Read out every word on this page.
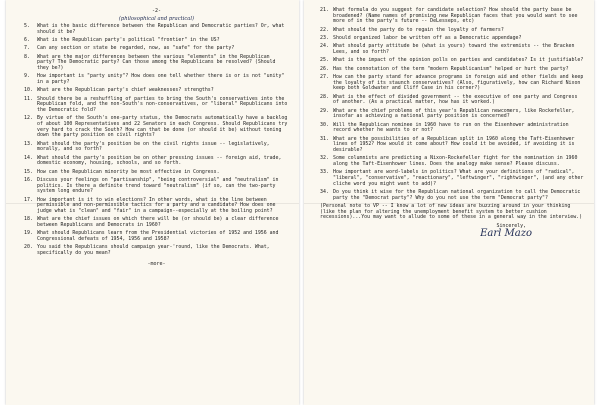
-2-
(philosophical and practical)
5. What is the basic difference between the Republican and Democratic parties? Or, what should it be?
6. What is the Republican party's political "frontier" in the US?
7. Can any section or state be regarded, now, as "safe" for the party?
8. What are the major differences between the various "elements" in the Republican party? The Democratic party? Can those among the Republicans be resolved? (Should they be?)
9. How important is "party unity"? How does one tell whether there is or is not "unity" in a party?
10. What are the Republican party's chief weaknesses? strengths?
11. Should there be a reshuffling of parties to bring the South's conservatives into the Republican fold, and the non-South's non-conservatives, or "liberal" Republicans into the Democratic fold?
12. By virtue of the South's one-party status, the Democrats automatically have a backlog of about 100 Representatives and 22 Senators in each Congress. Should Republicans try very hard to crack the South? How can that be done (or should it be) without toning down the party position on civil rights?
13. What should the party's position be on the civil rights issue -- legislatively, morally, and so forth?
14. What should the party's position be on other pressing issues -- foreign aid, trade, domestic economy, housing, schools, and so forth.
15. How can the Republican minority be most effective in Congress.
16. Discuss your feelings on "partisanship", "being controversial" and "neutralism" in politics. Is there a definite trend toward "neutralism" (if so, can the two-party system long endure?
17. How important is it to win elections? In other words, what is the line between permissible and non-permissible tactics for a party and a candidate? How does one judge what is "clean" and "fair" in a campaign--especially at the boiling point?
18. What are the chief issues on which there will be (or should be) a clear difference between Republicans and Democrats in 1960?
19. What should Republicans learn from the Presidential victories of 1952 and 1956 and Congressional defeats of 1954, 1956 and 1958?
20. You said the Republicans should campaign year-'round, like the Democrats. What, specifically do you mean?
-more-
21. What formula do you suggest for candidate selection? How should the party base be broadened? (Name names of promising new Republican faces that you would want to see more of in the party's future -- DeLesseps, etc)
22. What should the party do to regain the loyalty of farmers?
23. Should organized labor be written off as a Democratic appendage?
24. What should party attitude be (what is yours) toward the extremists -- the Bracken Lees, and so forth?
25. What is the impact of the opinion polls on parties and candidates? Is it justifiable?
26. Has the connotation of the term "modern Republicanism" helped or hurt the party?
27. How can the party stand for advance programs in foreign aid and other fields and keep the loyalty of its staunch conservatives? (Also, figuratively, how can Richard Nixon keep both Goldwater and Cliff Case in his corner?)
28. What is the effect of divided government -- the executive of one party and Congress of another. (As a practical matter, how has it worked.)
29. What are the chief problems of this year's Republican newcomers, like Rockefeller, insofar as achieving a national party position is concerned?
30. Will the Republican nominee in 1960 have to run on the Eisenhower administration record whether he wants to or not?
31. What are the possibilities of a Republican split in 1960 along the Taft-Eisenhower lines of 1952? How would it come about? How could it be avoided, if avoiding it is desirable?
32. Some columnists are predicting a Nixon-Rockefeller fight for the nomination in 1960 along the Taft-Eisenhower lines. Does the analogy make sense? Please discuss.
33. How important are word-labels in politics? What are your definitions of "radical", "liberal", "conservative", "reactionary", "leftwinger", "rightwinger", (and any other cliche word you might want to add)?
34. Do you think it wise for the Republican national organization to call the Democratic party the "Democrat party"? Why do you not use the term "Democrat party"?
(Personal note to VP -- I know a lot of new ideas are buzzing around in your thinking (like the plan for altering the unemployment benefit system to better cushion recessions)...You may want to allude to some of these in a general way in the interview.)
Sincerely,
Earl Mazo
